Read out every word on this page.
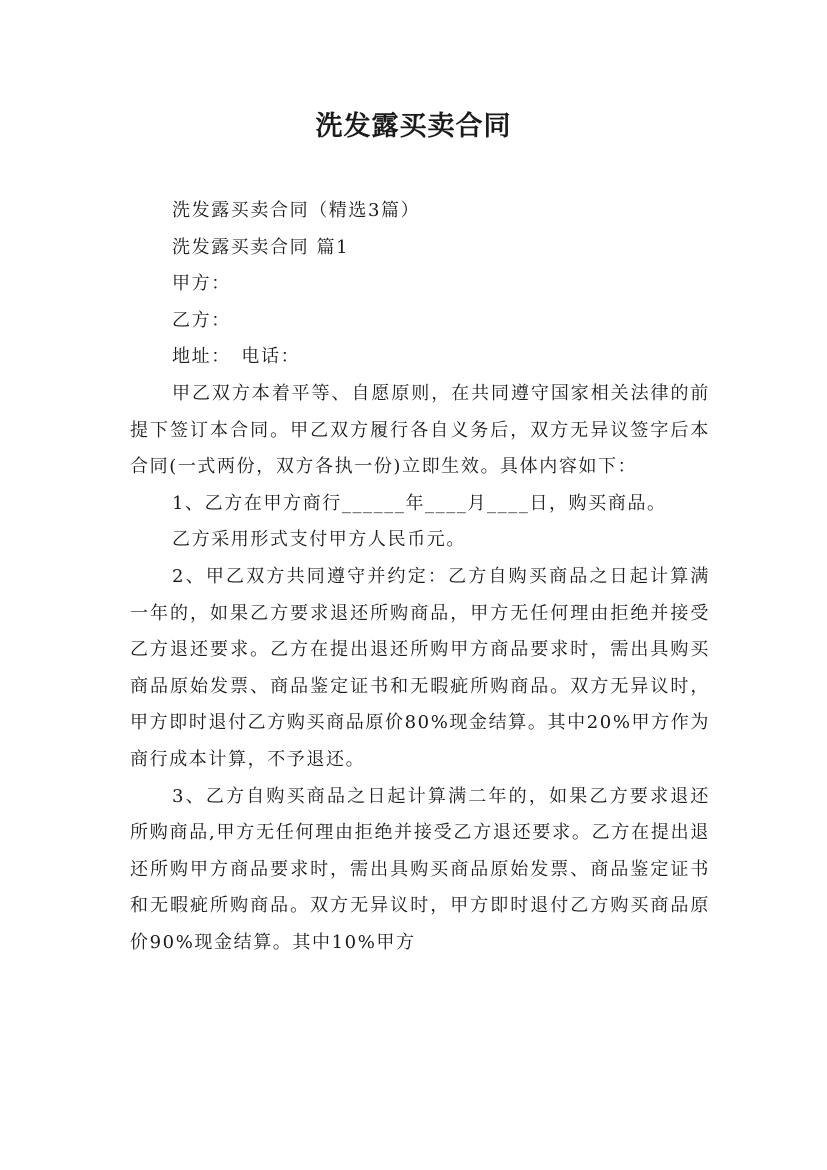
洗发露买卖合同

洗发露买卖合同（精选3篇）

洗发露买卖合同 篇1

甲方：

乙方：

地址：　电话：

甲乙双方本着平等、自愿原则，在共同遵守国家相关法律的前提下签订本合同。甲乙双方履行各自义务后，双方无异议签字后本合同(一式两份，双方各执一份)立即生效。具体内容如下：

1、乙方在甲方商行______年____月____日，购买商品。

乙方采用形式支付甲方人民币元。

2、甲乙双方共同遵守并约定：乙方自购买商品之日起计算满一年的，如果乙方要求退还所购商品，甲方无任何理由拒绝并接受乙方退还要求。乙方在提出退还所购甲方商品要求时，需出具购买商品原始发票、商品鉴定证书和无暇疵所购商品。双方无异议时，甲方即时退付乙方购买商品原价80%现金结算。其中20%甲方作为商行成本计算，不予退还。

3、乙方自购买商品之日起计算满二年的，如果乙方要求退还所购商品,甲方无任何理由拒绝并接受乙方退还要求。乙方在提出退还所购甲方商品要求时，需出具购买商品原始发票、商品鉴定证书和无暇疵所购商品。双方无异议时，甲方即时退付乙方购买商品原价90%现金结算。其中10%甲方
